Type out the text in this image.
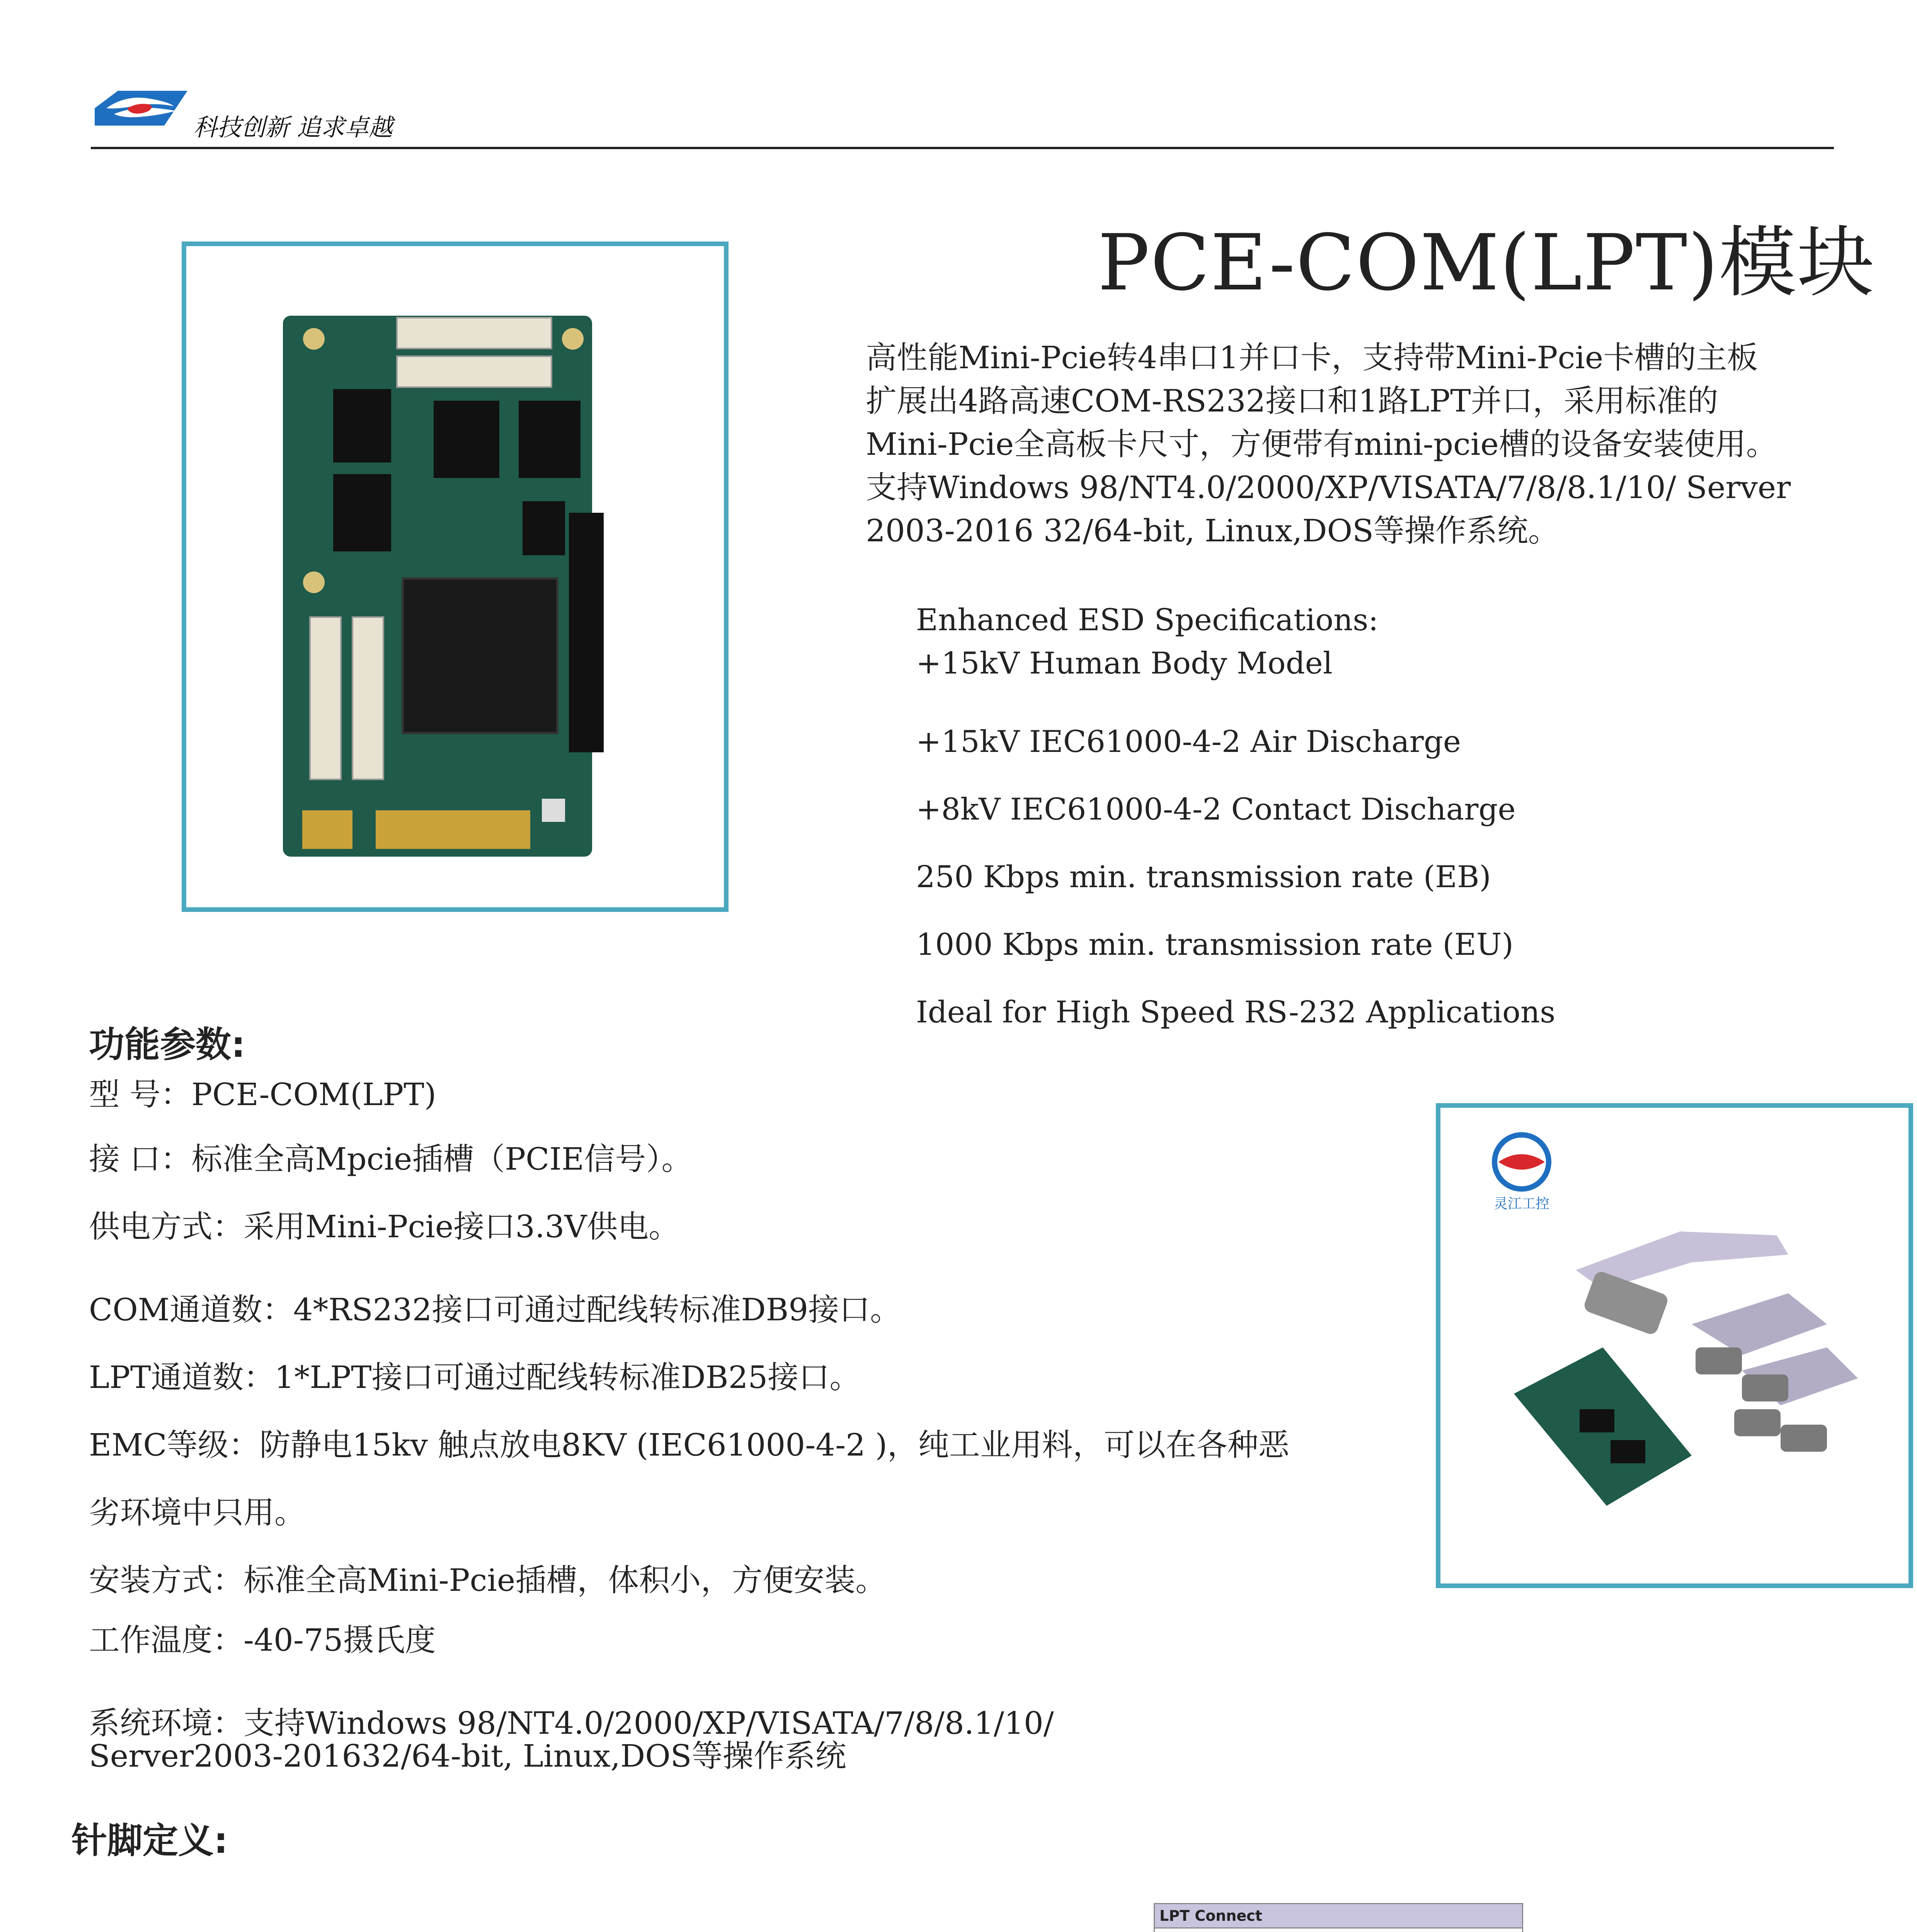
科技创新 追求卓越
PCE-COM(LPT)模块
高性能Mini-Pcie转4串口1并口卡，支持带Mini-Pcie卡槽的主板
扩展出4路高速COM-RS232接口和1路LPT并口，采用标准的
Mini-Pcie全高板卡尺寸，方便带有mini-pcie槽的设备安装使用。
支持Windows 98/NT4.0/2000/XP/VISATA/7/8/8.1/10/ Server
2003-2016 32/64-bit, Linux,DOS等操作系统。
Enhanced ESD Specifications:
+15kV Human Body Model
+15kV IEC61000-4-2 Air Discharge
+8kV IEC61000-4-2 Contact Discharge
250 Kbps min. transmission rate (EB)
1000 Kbps min. transmission rate (EU)
Ideal for High Speed RS-232 Applications
灵江工控
功能参数:
型 号：PCE-COM(LPT)
接 口：标准全高Mpcie插槽（PCIE信号）。
供电方式：采用Mini-Pcie接口3.3V供电。
COM通道数：4*RS232接口可通过配线转标准DB9接口。
LPT通道数：1*LPT接口可通过配线转标准DB25接口。
EMC等级：防静电15kv 触点放电8KV (IEC61000-4-2 )，纯工业用料，可以在各种恶
劣环境中只用。
安装方式：标准全高Mini-Pcie插槽，体积小，方便安装。
工作温度：-40-75摄氏度
系统环境：支持Windows 98/NT4.0/2000/XP/VISATA/7/8/8.1/10/
Server2003-201632/64-bit, Linux,DOS等操作系统
针脚定义:
LPT Connect
